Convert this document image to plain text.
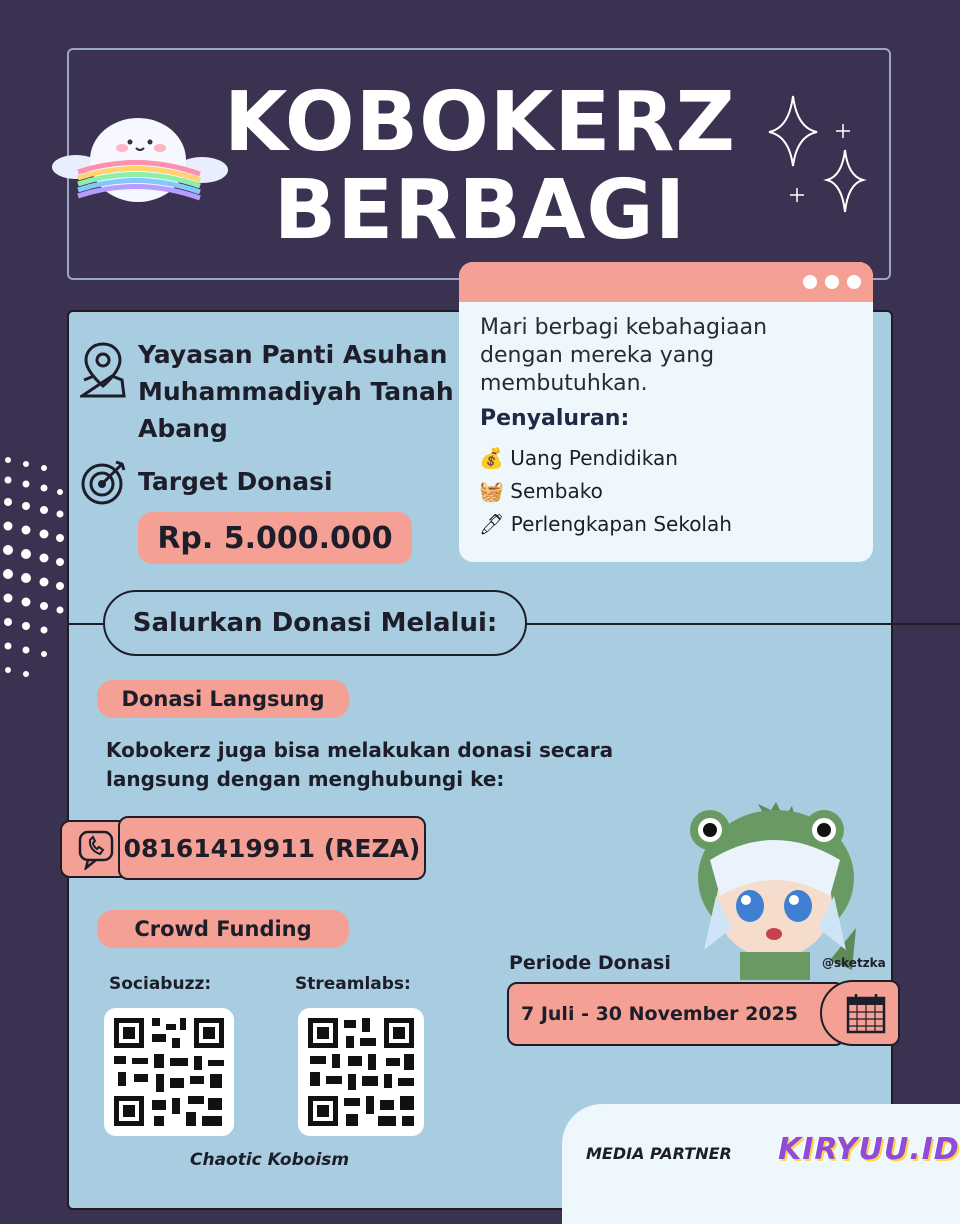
KOBOKERZ
BERBAGI
Yayasan Panti Asuhan Muhammadiyah Tanah Abang
Target Donasi
Rp. 5.000.000
Mari berbagi kebahagiaan dengan mereka yang membutuhkan.
Penyaluran:
💰 Uang Pendidikan
🧺 Sembako
🖊 Perlengkapan Sekolah
Salurkan Donasi Melalui:
Donasi Langsung
Kobokerz juga bisa melakukan donasi secara langsung dengan menghubungi ke:
08161419911 (REZA)
Crowd Funding
Sociabuzz:	Streamlabs:
Chaotic Koboism
@sketzka
Periode Donasi
7 Juli - 30 November 2025
MEDIA PARTNER KIRYUU.ID
